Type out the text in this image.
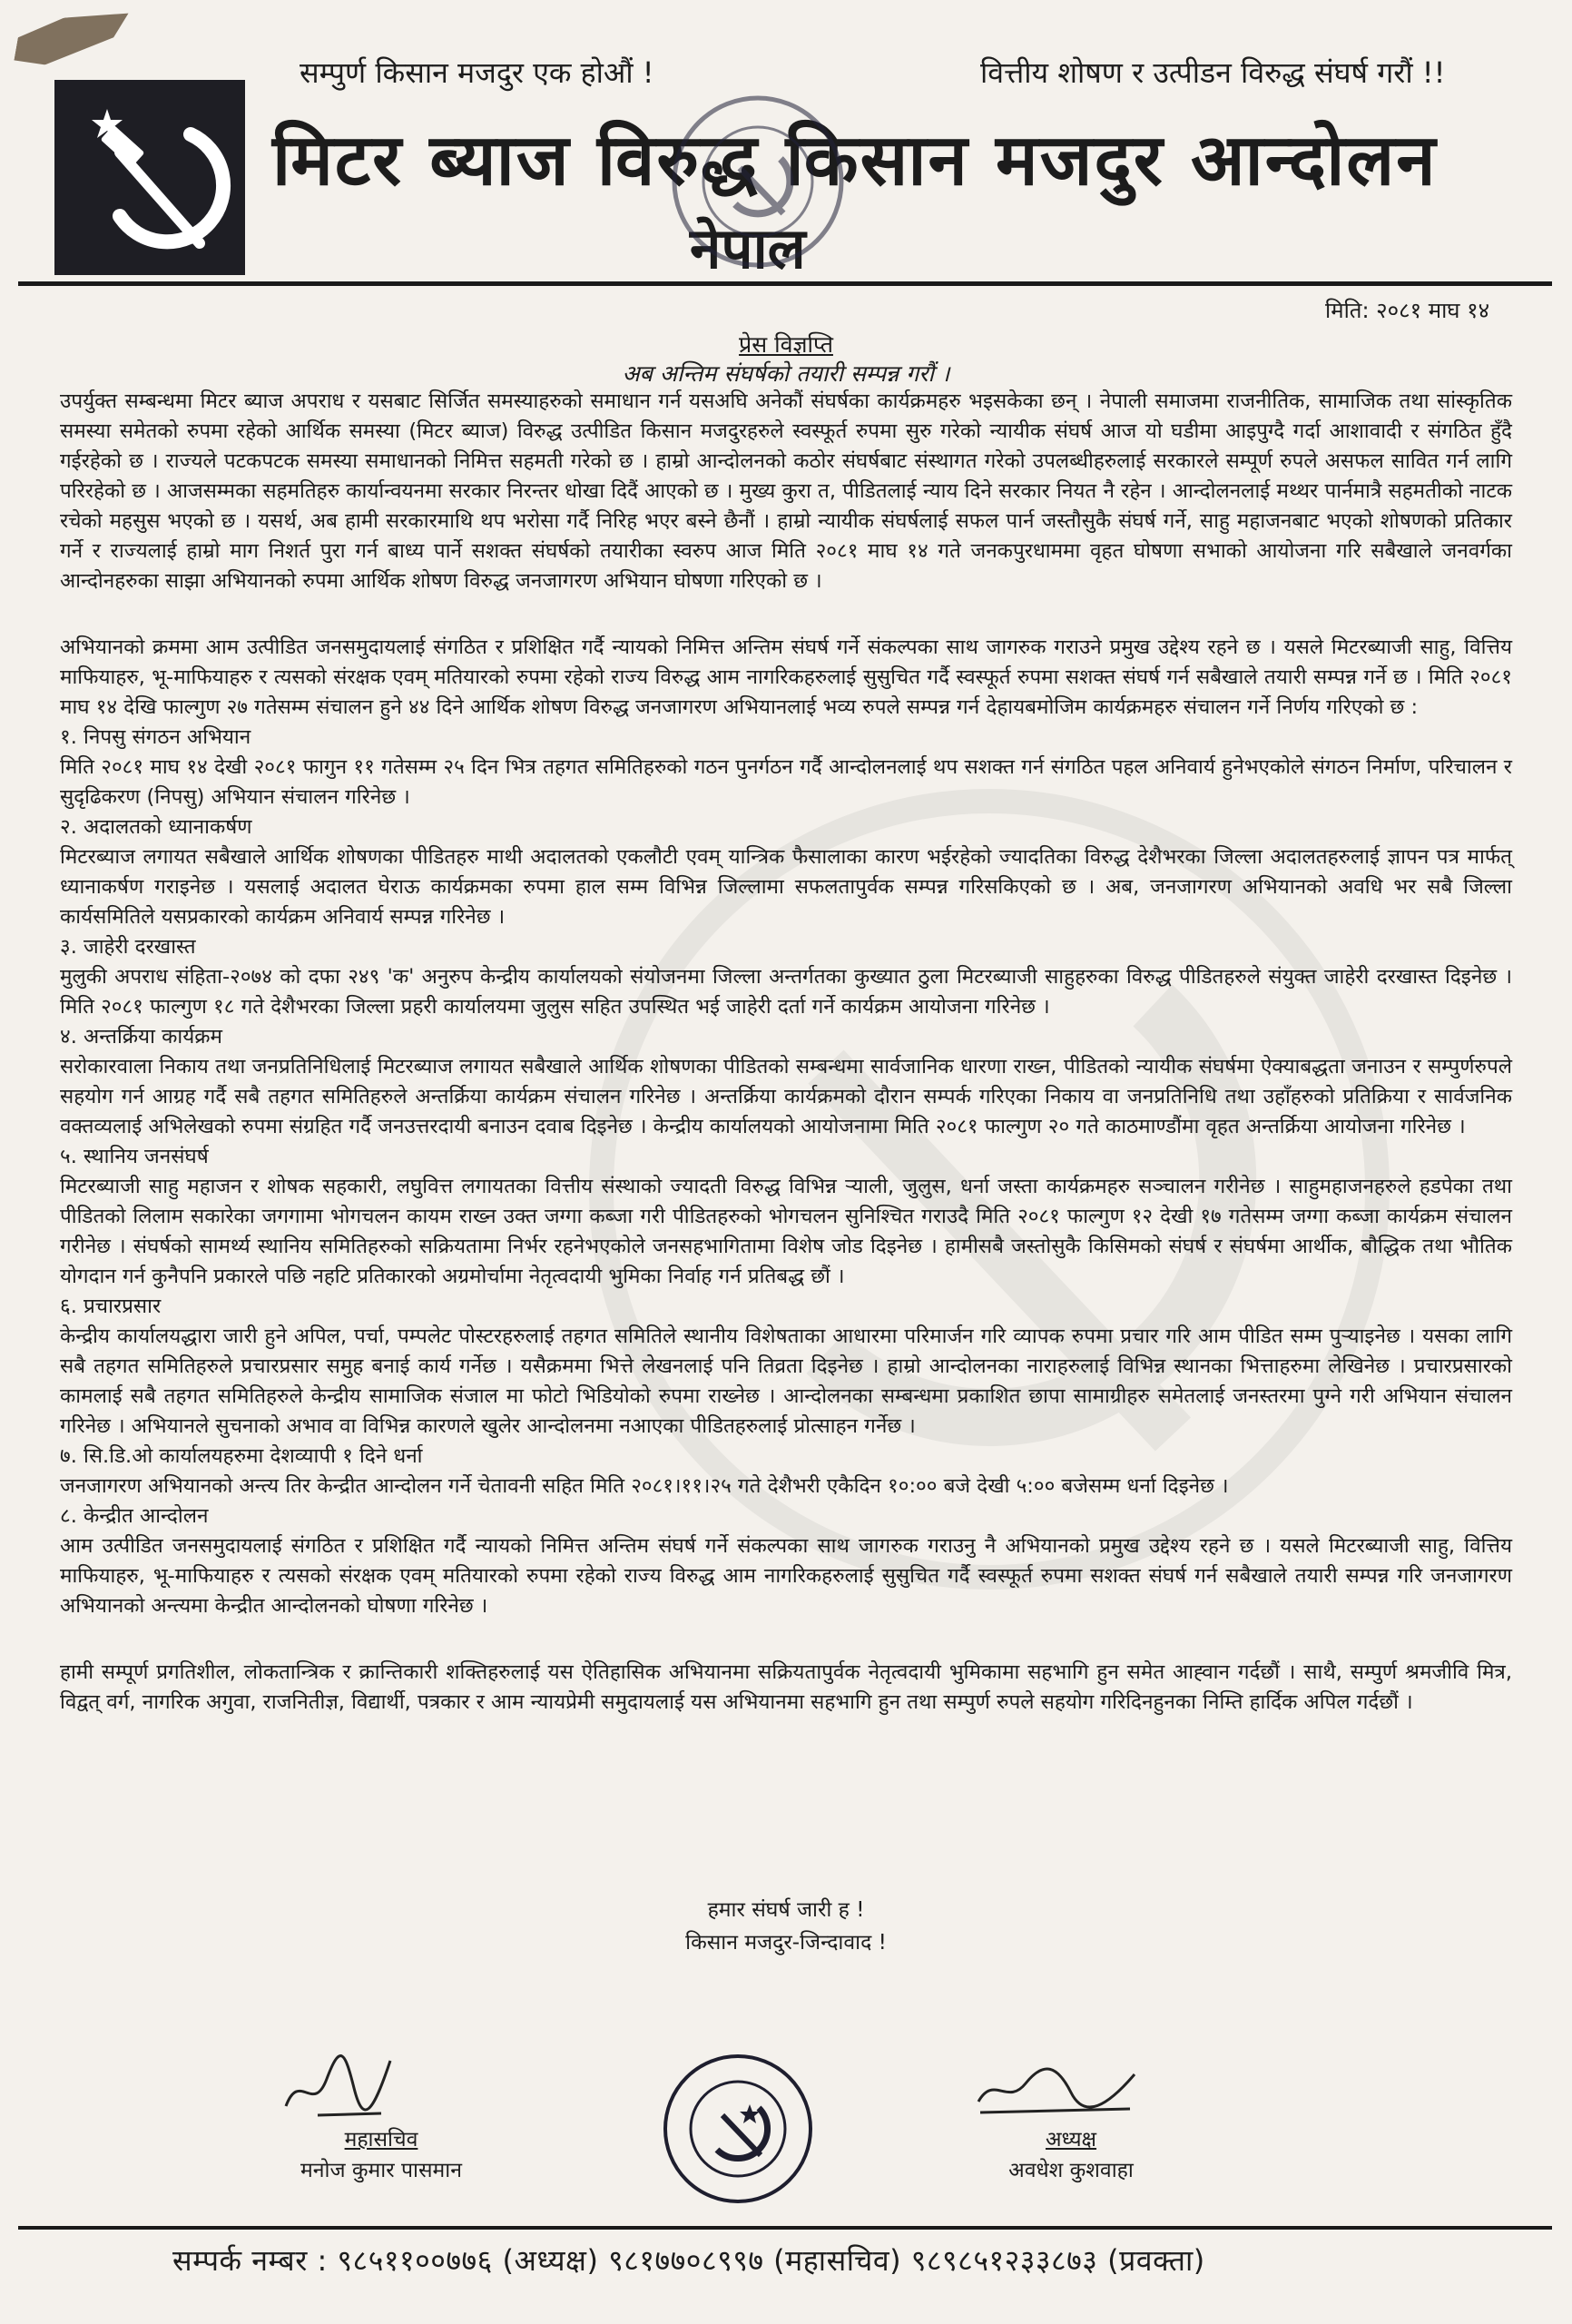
सम्पुर्ण किसान मजदुर एक होऔं !	वित्तीय शोषण र उत्पीडन विरुद्ध संघर्ष गरौं !!
मिटर ब्याज विरुद्ध किसान मजदुर आन्दोलन
नेपाल
मिति: २०८१ माघ १४
प्रेस विज्ञप्ति
अब अन्तिम संघर्षको तयारी सम्पन्न गरौं ।

उपर्युक्त सम्बन्धमा मिटर ब्याज अपराध र यसबाट सिर्जित समस्याहरुको समाधान गर्न यसअघि अनेकौं संघर्षका कार्यक्रमहरु भइसकेका छन् । नेपाली समाजमा राजनीतिक, सामाजिक तथा सांस्कृतिक समस्या समेतको रुपमा रहेको आर्थिक समस्या (मिटर ब्याज) विरुद्ध उत्पीडित किसान मजदुरहरुले स्वस्फूर्त रुपमा सुरु गरेको न्यायीक संघर्ष आज यो घडीमा आइपुग्दै गर्दा आशावादी र संगठित हुँदै गईरहेको छ । राज्यले पटकपटक समस्या समाधानको निमित्त सहमती गरेको छ । हाम्रो आन्दोलनको कठोर संघर्षबाट संस्थागत गरेको उपलब्धीहरुलाई सरकारले सम्पूर्ण रुपले असफल सावित गर्न लागि परिरहेको छ । आजसम्मका सहमतिहरु कार्यान्वयनमा सरकार निरन्तर धोखा दिदैं आएको छ । मुख्य कुरा त, पीडितलाई न्याय दिने सरकार नियत नै रहेन । आन्दोलनलाई मथ्थर पार्नमात्रै सहमतीको नाटक रचेको महसुस भएको छ । यसर्थ, अब हामी सरकारमाथि थप भरोसा गर्दै निरिह भएर बस्ने छैनौं । हाम्रो न्यायीक संघर्षलाई सफल पार्न जस्तौसुकै संघर्ष गर्ने, साहु महाजनबाट भएको शोषणको प्रतिकार गर्ने र राज्यलाई हाम्रो माग निशर्त पुरा गर्न बाध्य पार्ने सशक्त संघर्षको तयारीका स्वरुप आज मिति २०८१ माघ १४ गते जनकपुरधाममा वृहत घोषणा सभाको आयोजना गरि सबैखाले जनवर्गका आन्दोनहरुका साझा अभियानको रुपमा आर्थिक शोषण विरुद्ध जनजागरण अभियान घोषणा गरिएको छ ।

अभियानको क्रममा आम उत्पीडित जनसमुदायलाई संगठित र प्रशिक्षित गर्दै न्यायको निमित्त अन्तिम संघर्ष गर्ने संकल्पका साथ जागरुक गराउने प्रमुख उद्देश्य रहने छ । यसले मिटरब्याजी साहु, वित्तिय माफियाहरु, भू-माफियाहरु र त्यसको संरक्षक एवम् मतियारको रुपमा रहेको राज्य विरुद्ध आम नागरिकहरुलाई सुसुचित गर्दै स्वस्फूर्त रुपमा सशक्त संघर्ष गर्न सबैखाले तयारी सम्पन्न गर्ने छ । मिति २०८१ माघ १४ देखि फाल्गुण २७ गतेसम्म संचालन हुने ४४ दिने आर्थिक शोषण विरुद्ध जनजागरण अभियानलाई भव्य रुपले सम्पन्न गर्न देहायबमोजिम कार्यक्रमहरु संचालन गर्ने निर्णय गरिएको छ :

१. निपसु संगठन अभियान

मिति २०८१ माघ १४ देखी २०८१ फागुन ११ गतेसम्म २५ दिन भित्र तहगत समितिहरुको गठन पुनर्गठन गर्दै आन्दोलनलाई थप सशक्त गर्न संगठित पहल अनिवार्य हुनेभएकोले संगठन निर्माण, परिचालन र सुदृढिकरण (निपसु) अभियान संचालन गरिनेछ ।

२. अदालतको ध्यानाकर्षण

मिटरब्याज लगायत सबैखाले आर्थिक शोषणका पीडितहरु माथी अदालतको एकलौटी एवम् यान्त्रिक फैसालाका कारण भईरहेको ज्यादतिका विरुद्ध देशैभरका जिल्ला अदालतहरुलाई ज्ञापन पत्र मार्फत् ध्यानाकर्षण गराइनेछ । यसलाई अदालत घेराऊ कार्यक्रमका रुपमा हाल सम्म विभिन्न जिल्लामा सफलतापुर्वक सम्पन्न गरिसकिएको छ । अब, जनजागरण अभियानको अवधि भर सबै जिल्ला कार्यसमितिले यसप्रकारको कार्यक्रम अनिवार्य सम्पन्न गरिनेछ ।

३. जाहेरी दरखास्त

मुलुकी अपराध संहिता-२०७४ को दफा २४९ 'क' अनुरुप केन्द्रीय कार्यालयको संयोजनमा जिल्ला अन्तर्गतका कुख्यात ठुला मिटरब्याजी साहुहरुका विरुद्ध पीडितहरुले संयुक्त जाहेरी दरखास्त दिइनेछ । मिति २०८१ फाल्गुण १८ गते देशैभरका जिल्ला प्रहरी कार्यालयमा जुलुस सहित उपस्थित भई जाहेरी दर्ता गर्ने कार्यक्रम आयोजना गरिनेछ ।

४. अन्तर्क्रिया कार्यक्रम

सरोकारवाला निकाय तथा जनप्रतिनिधिलाई मिटरब्याज लगायत सबैखाले आर्थिक शोषणका पीडितको सम्बन्धमा सार्वजानिक धारणा राख्न, पीडितको न्यायीक संघर्षमा ऐक्याबद्धता जनाउन र सम्पुर्णरुपले सहयोग गर्न आग्रह गर्दै सबै तहगत समितिहरुले अन्तर्क्रिया कार्यक्रम संचालन गरिनेछ । अन्तर्क्रिया कार्यक्रमको दौरान सम्पर्क गरिएका निकाय वा जनप्रतिनिधि तथा उहाँहरुको प्रतिक्रिया र सार्वजनिक वक्तव्यलाई अभिलेखको रुपमा संग्रहित गर्दै जनउत्तरदायी बनाउन दवाब दिइनेछ । केन्द्रीय कार्यालयको आयोजनामा मिति २०८१ फाल्गुण २० गते काठमाण्डौंमा वृहत अन्तर्क्रिया आयोजना गरिनेछ ।

५. स्थानिय जनसंघर्ष

मिटरब्याजी साहु महाजन र शोषक सहकारी, लघुवित्त लगायतका वित्तीय संस्थाको ज्यादती विरुद्ध विभिन्न र्‍याली, जुलुस, धर्ना जस्ता कार्यक्रमहरु सञ्चालन गरीनेछ । साहुमहाजनहरुले हडपेका तथा पीडितको लिलाम सकारेका जगगामा भोगचलन कायम राख्न उक्त जग्गा कब्जा गरी पीडितहरुको भोगचलन सुनिश्चित गराउदै मिति २०८१ फाल्गुण १२ देखी १७ गतेसम्म जग्गा कब्जा कार्यक्रम संचालन गरीनेछ । संघर्षको सामर्थ्य स्थानिय समितिहरुको सक्रियतामा निर्भर रहनेभएकोले जनसहभागितामा विशेष जोड दिइनेछ । हामीसबै जस्तोसुकै किसिमको संघर्ष र संघर्षमा आर्थीक, बौद्धिक तथा भौतिक योगदान गर्न कुनैपनि प्रकारले पछि नहटि प्रतिकारको अग्रमोर्चामा नेतृत्वदायी भुमिका निर्वाह गर्न प्रतिबद्ध छौं ।

६. प्रचारप्रसार

केन्द्रीय कार्यालयद्धारा जारी हुने अपिल, पर्चा, पम्पलेट पोस्टरहरुलाई तहगत समितिले स्थानीय विशेषताका आधारमा परिमार्जन गरि व्यापक रुपमा प्रचार गरि आम पीडित सम्म पुर्‍याइनेछ । यसका लागि सबै तहगत समितिहरुले प्रचारप्रसार समुह बनाई कार्य गर्नेछ । यसैक्रममा भित्ते लेखनलाई पनि तिव्रता दिइनेछ । हाम्रो आन्दोलनका नाराहरुलाई विभिन्न स्थानका भित्ताहरुमा लेखिनेछ । प्रचारप्रसारको कामलाई सबै तहगत समितिहरुले केन्द्रीय सामाजिक संजाल मा फोटो भिडियोको रुपमा राख्नेछ । आन्दोलनका सम्बन्धमा प्रकाशित छापा सामाग्रीहरु समेतलाई जनस्तरमा पुग्ने गरी अभियान संचालन गरिनेछ । अभियानले सुचनाको अभाव वा विभिन्न कारणले खुलेर आन्दोलनमा नआएका पीडितहरुलाई प्रोत्साहन गर्नेछ ।

७. सि.डि.ओ कार्यालयहरुमा देशव्यापी १ दिने धर्ना

जनजागरण अभियानको अन्त्य तिर केन्द्रीत आन्दोलन गर्ने चेतावनी सहित मिति २०८१।११।२५ गते देशैभरी एकैदिन १०:०० बजे देखी ५:०० बजेसम्म धर्ना दिइनेछ ।

८. केन्द्रीत आन्दोलन

आम उत्पीडित जनसमुदायलाई संगठित र प्रशिक्षित गर्दै न्यायको निमित्त अन्तिम संघर्ष गर्ने संकल्पका साथ जागरुक गराउनु नै अभियानको प्रमुख उद्देश्य रहने छ । यसले मिटरब्याजी साहु, वित्तिय माफियाहरु, भू-माफियाहरु र त्यसको संरक्षक एवम् मतियारको रुपमा रहेको राज्य विरुद्ध आम नागरिकहरुलाई सुसुचित गर्दै स्वस्फूर्त रुपमा सशक्त संघर्ष गर्न सबैखाले तयारी सम्पन्न गरि जनजागरण अभियानको अन्त्यमा केन्द्रीत आन्दोलनको घोषणा गरिनेछ ।

हामी सम्पूर्ण प्रगतिशील, लोकतान्त्रिक र क्रान्तिकारी शक्तिहरुलाई यस ऐतिहासिक अभियानमा सक्रियतापुर्वक नेतृत्वदायी भुमिकामा सहभागि हुन समेत आह्‍वान गर्दछौं । साथै, सम्पुर्ण श्रमजीवि मित्र, विद्वत् वर्ग, नागरिक अगुवा, राजनितीज्ञ, विद्यार्थी, पत्रकार र आम न्यायप्रेमी समुदायलाई यस अभियानमा सहभागि हुन तथा सम्पुर्ण रुपले सहयोग गरिदिनहुनका निम्ति हार्दिक अपिल गर्दछौं ।

हमार संघर्ष जारी ह !
किसान मजदुर-जिन्दावाद !
महासचिव
मनोज कुमार पासमान
अध्यक्ष
अवधेश कुशवाहा
सम्पर्क नम्बर : ९८५११००७७६ (अध्यक्ष) ९८१७७०८९९७ (महासचिव) ९८९८५१२३३८७३ (प्रवक्ता)
